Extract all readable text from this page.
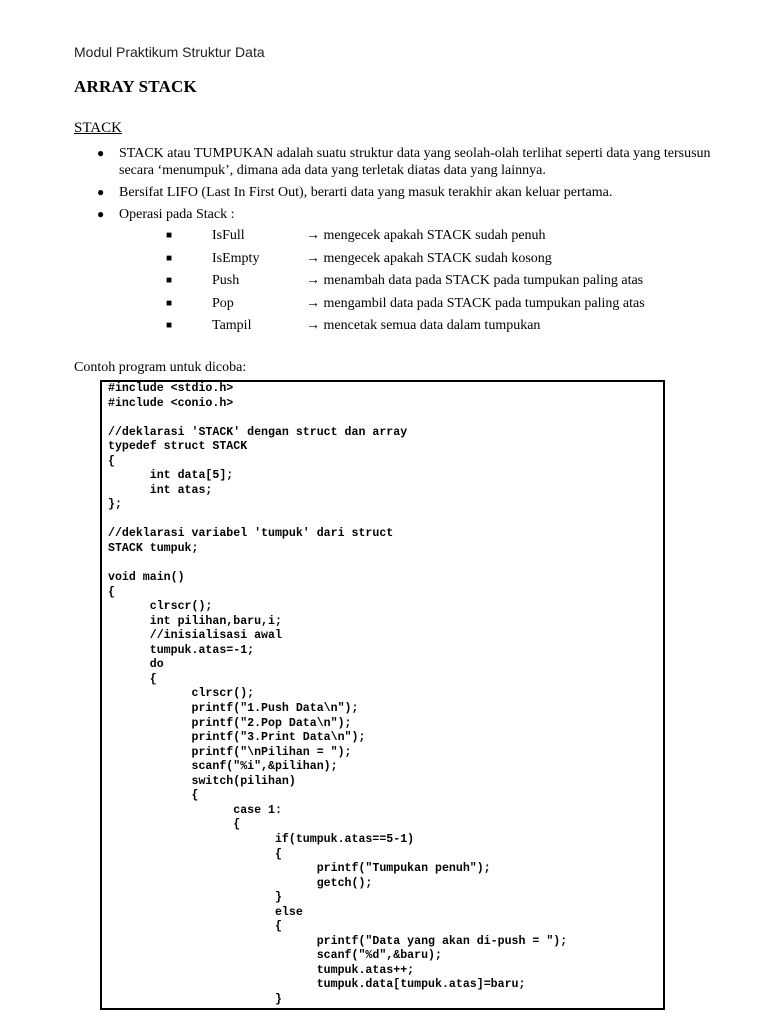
Modul Praktikum Struktur Data
ARRAY STACK
STACK
● STACK atau TUMPUKAN adalah suatu struktur data yang seolah-olah terlihat seperti data yang tersusun secara ‘menumpuk’, dimana ada data yang terletak diatas data yang lainnya.
● Bersifat LIFO (Last In First Out), berarti data yang masuk terakhir akan keluar pertama.
● Operasi pada Stack :
■	IsFull	→ mengecek apakah STACK sudah penuh
■	IsEmpty	→ mengecek apakah STACK sudah kosong
■	Push	→ menambah data pada STACK pada tumpukan paling atas
■	Pop	→ mengambil data pada STACK pada tumpukan paling atas
■	Tampil	→ mencetak semua data dalam tumpukan
Contoh program untuk dicoba:
#include <stdio.h>
#include <conio.h>

//deklarasi 'STACK' dengan struct dan array
typedef struct STACK
{
int data[5];
int atas;
};

//deklarasi variabel 'tumpuk' dari struct
STACK tumpuk;

void main()
{
clrscr();
int pilihan,baru,i;
//inisialisasi awal
tumpuk.atas=-1;
do
{
clrscr();
printf("1.Push Data\n");
printf("2.Pop Data\n");
printf("3.Print Data\n");
printf("\nPilihan = ");
scanf("%i",&pilihan);
switch(pilihan)
{
case 1:
{
if(tumpuk.atas==5-1)
{
printf("Tumpukan penuh");
getch();
}
else
{
printf("Data yang akan di-push = ");
scanf("%d",&baru);
tumpuk.atas++;
tumpuk.data[tumpuk.atas]=baru;
}
